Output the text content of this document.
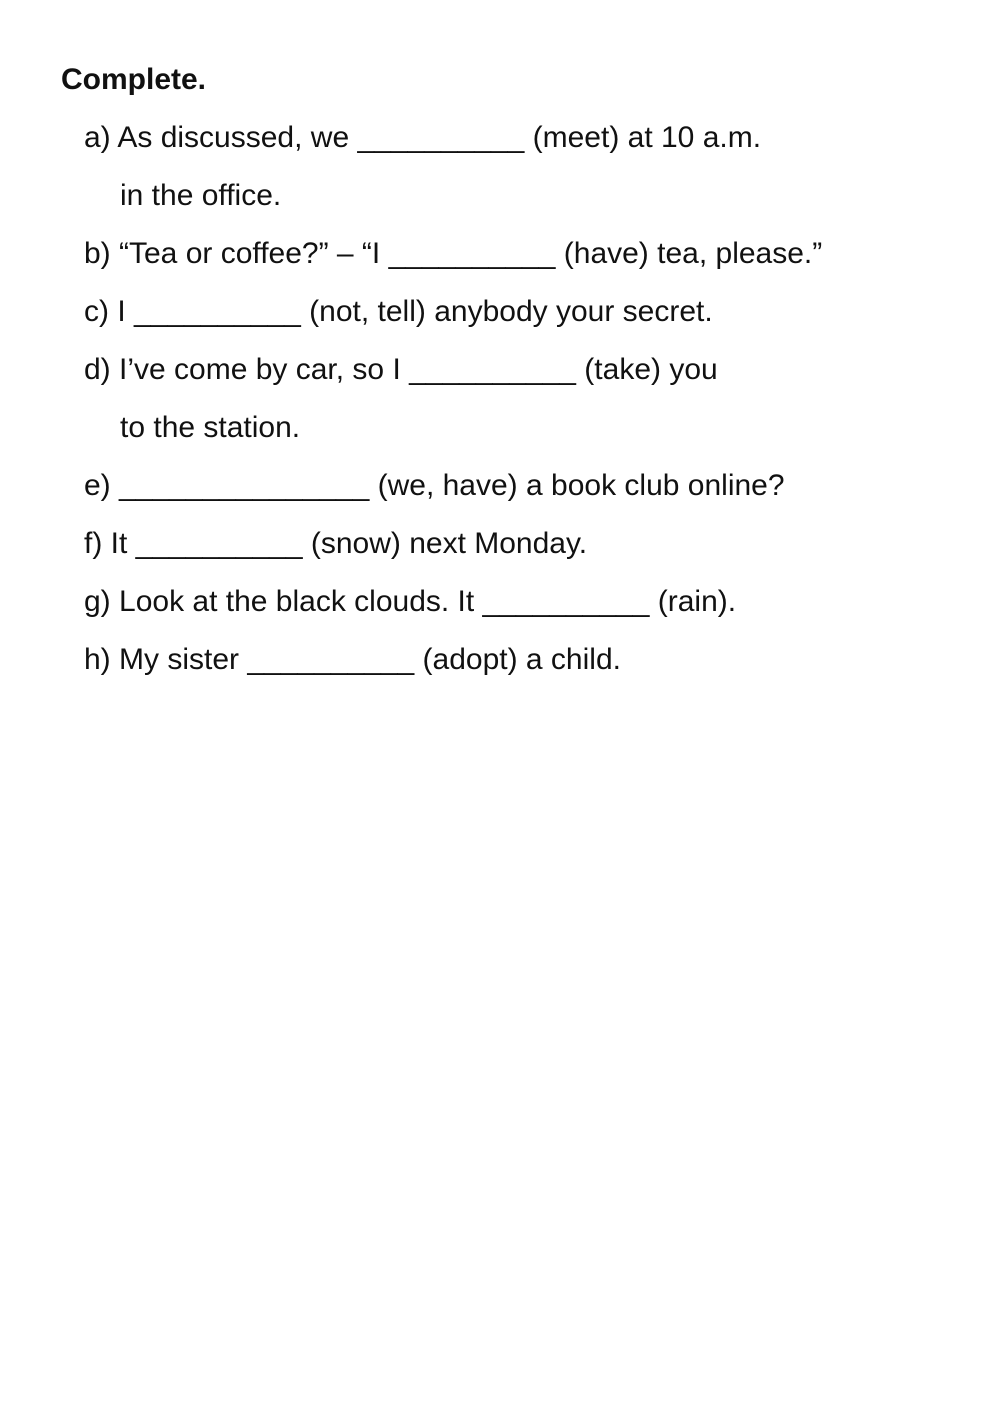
Complete.
a) As discussed, we __________ (meet) at 10 a.m.
in the office.
b) “Tea or coffee?” – “I __________ (have) tea, please.”
c) I __________ (not, tell) anybody your secret.
d) I’ve come by car, so I __________ (take) you
to the station.
e) _______________ (we, have) a book club online?
f) It __________ (snow) next Monday.
g) Look at the black clouds. It __________ (rain).
h) My sister __________ (adopt) a child.
